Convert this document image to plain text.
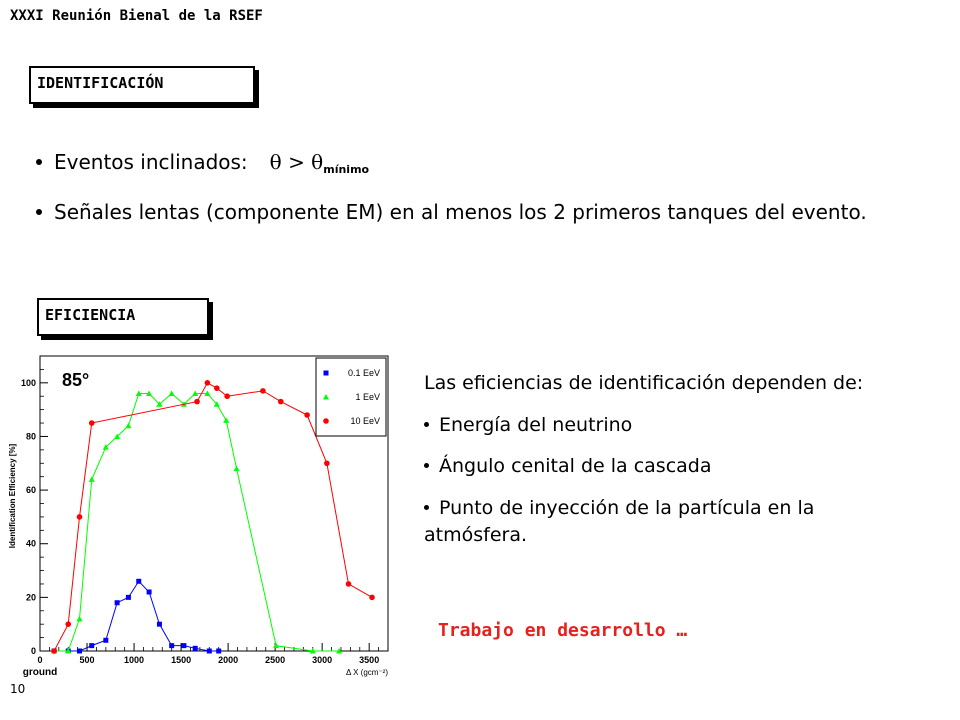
XXXI Reunión Bienal de la RSEF
IDENTIFICACIÓN
Eventos inclinados: θ > θ mínimo
Señales lentas (componente EM) en al menos los 2 primeros tanques del evento.
EFICIENCIA
0	500	1000	1500	2000	2500	3000	3500
0
20
40
60
80
100
Δ X (gcm⁻²)
ground
Identification Efficiency [%]
85°	0.1 EeV
1 EeV
10 EeV
Las eficiencias de identificación dependen de:
Energía del neutrino
Ángulo cenital de la cascada
Punto de inyección de la partícula en la atmósfera.
Trabajo en desarrollo …
10
